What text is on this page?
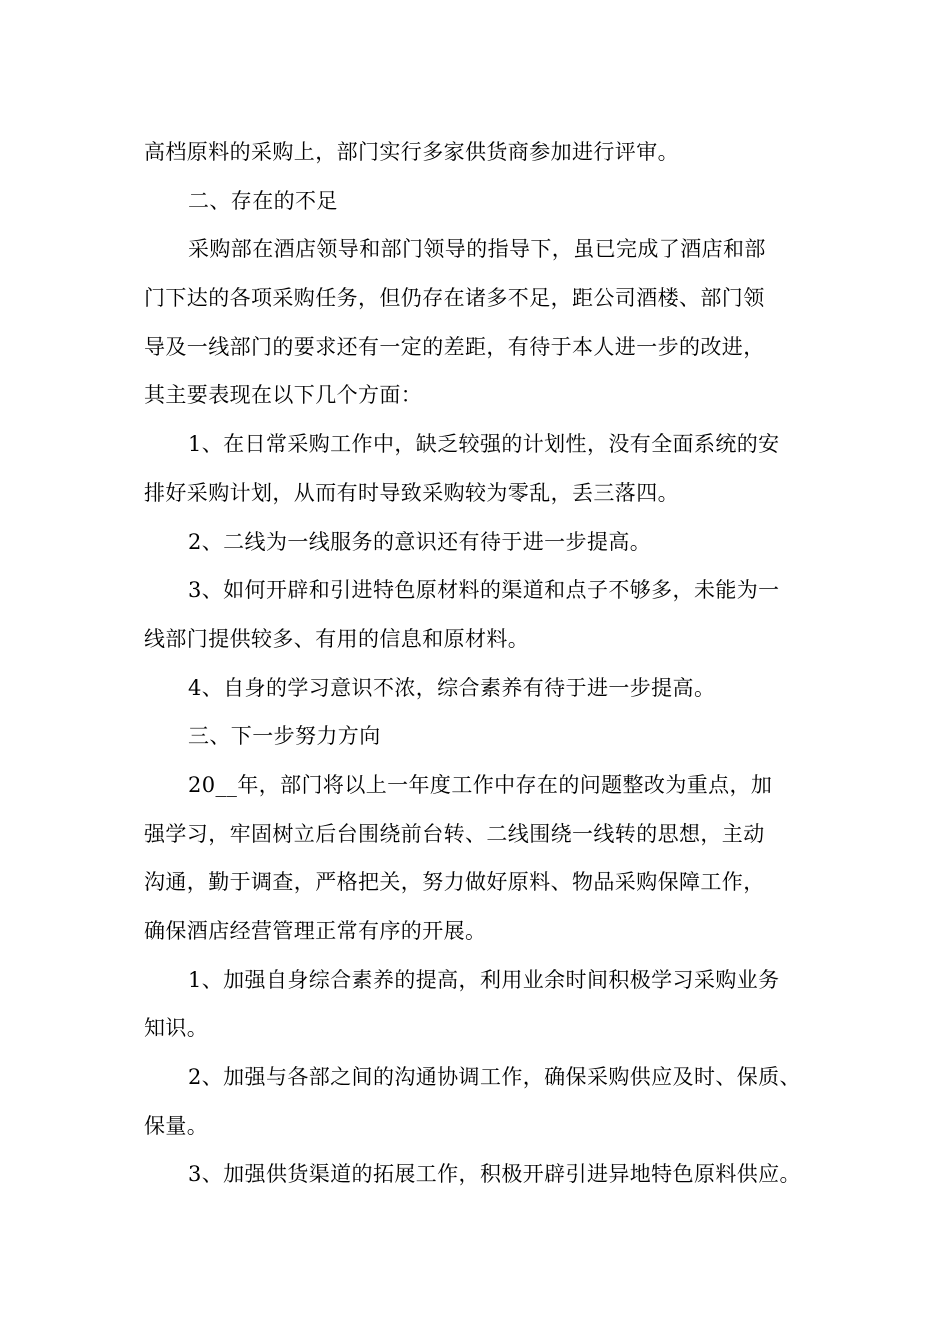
高档原料的采购上，部门实行多家供货商参加进行评审。
二、存在的不足
采购部在酒店领导和部门领导的指导下，虽已完成了酒店和部
门下达的各项采购任务，但仍存在诸多不足，距公司酒楼、部门领
导及一线部门的要求还有一定的差距，有待于本人进一步的改进，
其主要表现在以下几个方面：
1、在日常采购工作中，缺乏较强的计划性，没有全面系统的安
排好采购计划，从而有时导致采购较为零乱，丢三落四。
2、二线为一线服务的意识还有待于进一步提高。
3、如何开辟和引进特色原材料的渠道和点子不够多，未能为一
线部门提供较多、有用的信息和原材料。
4、自身的学习意识不浓，综合素养有待于进一步提高。
三、下一步努力方向
20__年，部门将以上一年度工作中存在的问题整改为重点，加
强学习，牢固树立后台围绕前台转、二线围绕一线转的思想，主动
沟通，勤于调查，严格把关，努力做好原料、物品采购保障工作，
确保酒店经营管理正常有序的开展。
1、加强自身综合素养的提高，利用业余时间积极学习采购业务
知识。
2、加强与各部之间的沟通协调工作，确保采购供应及时、保质、
保量。
3、加强供货渠道的拓展工作，积极开辟引进异地特色原料供应。
